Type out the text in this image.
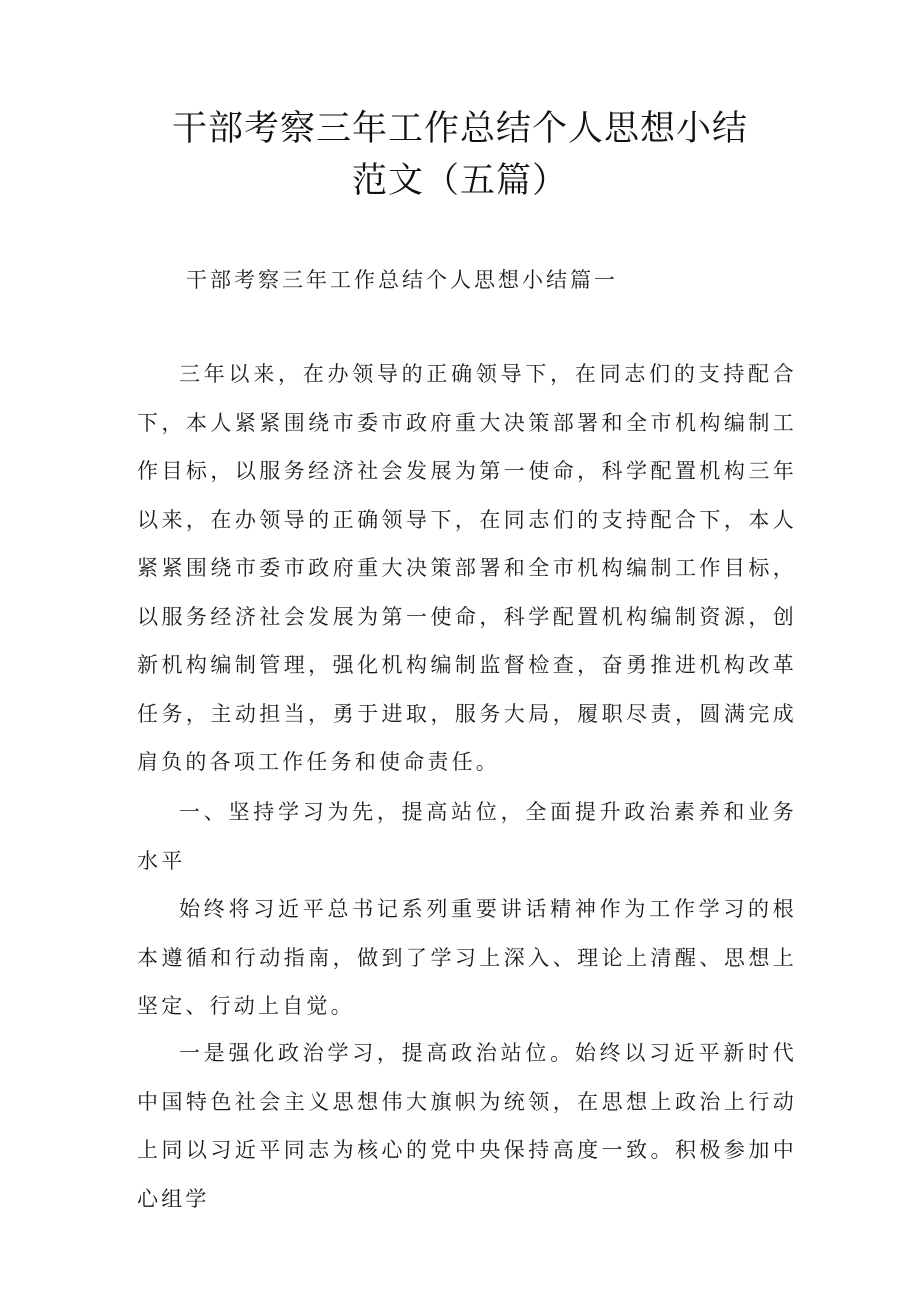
干部考察三年工作总结个人思想小结
范文（五篇）
干部考察三年工作总结个人思想小结篇一

三年以来，在办领导的正确领导下，在同志们的支持配合下，本人紧紧围绕市委市政府重大决策部署和全市机构编制工作目标，以服务经济社会发展为第一使命，科学配置机构三年以来，在办领导的正确领导下，在同志们的支持配合下，本人紧紧围绕市委市政府重大决策部署和全市机构编制工作目标，以服务经济社会发展为第一使命，科学配置机构编制资源，创新机构编制管理，强化机构编制监督检查，奋勇推进机构改革任务，主动担当，勇于进取，服务大局，履职尽责，圆满完成肩负的各项工作任务和使命责任。

一、坚持学习为先，提高站位，全面提升政治素养和业务水平

始终将习近平总书记系列重要讲话精神作为工作学习的根本遵循和行动指南，做到了学习上深入、理论上清醒、思想上坚定、行动上自觉。

一是强化政治学习，提高政治站位。始终以习近平新时代中国特色社会主义思想伟大旗帜为统领，在思想上政治上行动上同以习近平同志为核心的党中央保持高度一致。积极参加中心组学
